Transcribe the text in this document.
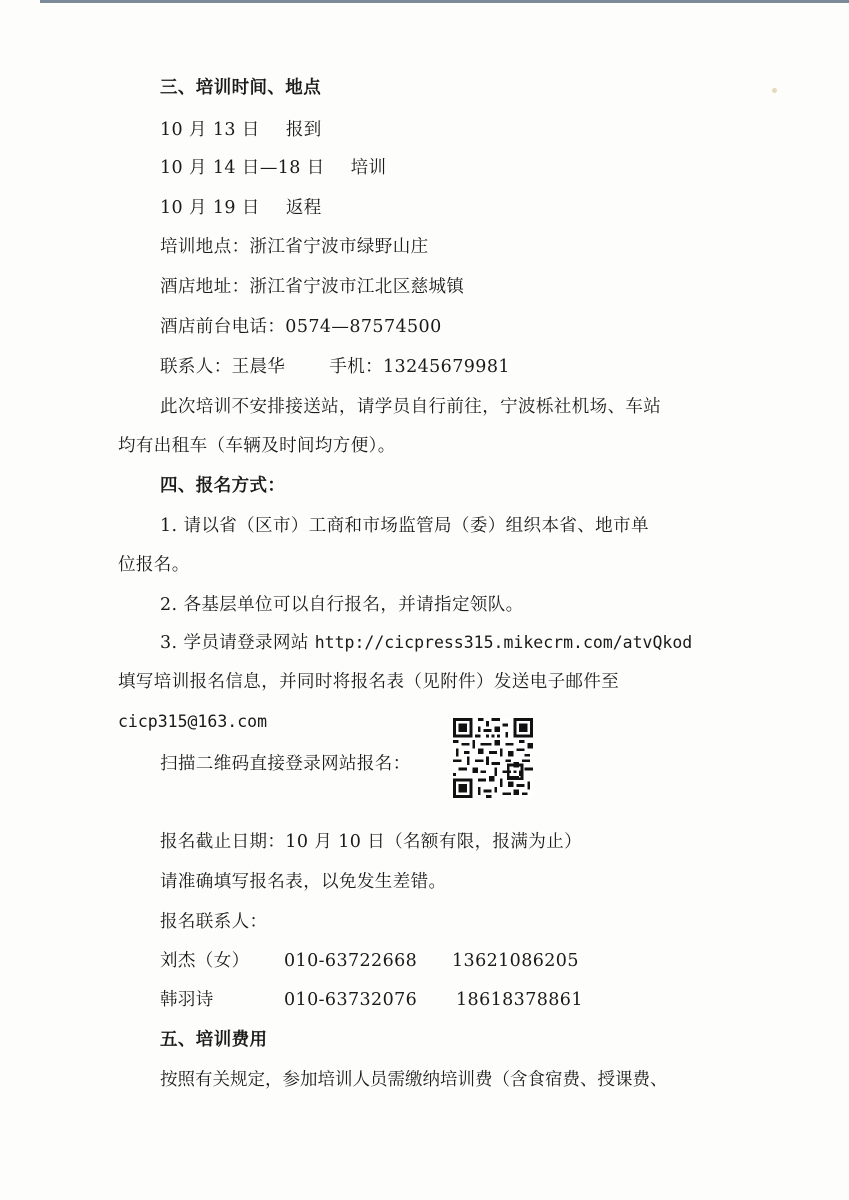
三、培训时间、地点
10 月 13 日 报到
10 月 14 日—18 日 培训
10 月 19 日 返程
培训地点：浙江省宁波市绿野山庄
酒店地址：浙江省宁波市江北区慈城镇
酒店前台电话：0574—87574500
联系人：王晨华	手机：13245679981
此次培训不安排接送站，请学员自行前往，宁波栎社机场、车站
均有出租车（车辆及时间均方便）。
四、报名方式：
1. 请以省（区市）工商和市场监管局（委）组织本省、地市单
位报名。
2. 各基层单位可以自行报名，并请指定领队。
3. 学员请登录网站 http://cicpress315.mikecrm.com/atvQkod
填写培训报名信息，并同时将报名表（见附件）发送电子邮件至
cicp315@163.com
扫描二维码直接登录网站报名：
报名截止日期：10 月 10 日（名额有限，报满为止）
请准确填写报名表，以免发生差错。
报名联系人：
刘杰（女） 010-63722668 13621086205
韩羽诗	010-63732076 18618378861
五、培训费用
按照有关规定，参加培训人员需缴纳培训费（含食宿费、授课费、
